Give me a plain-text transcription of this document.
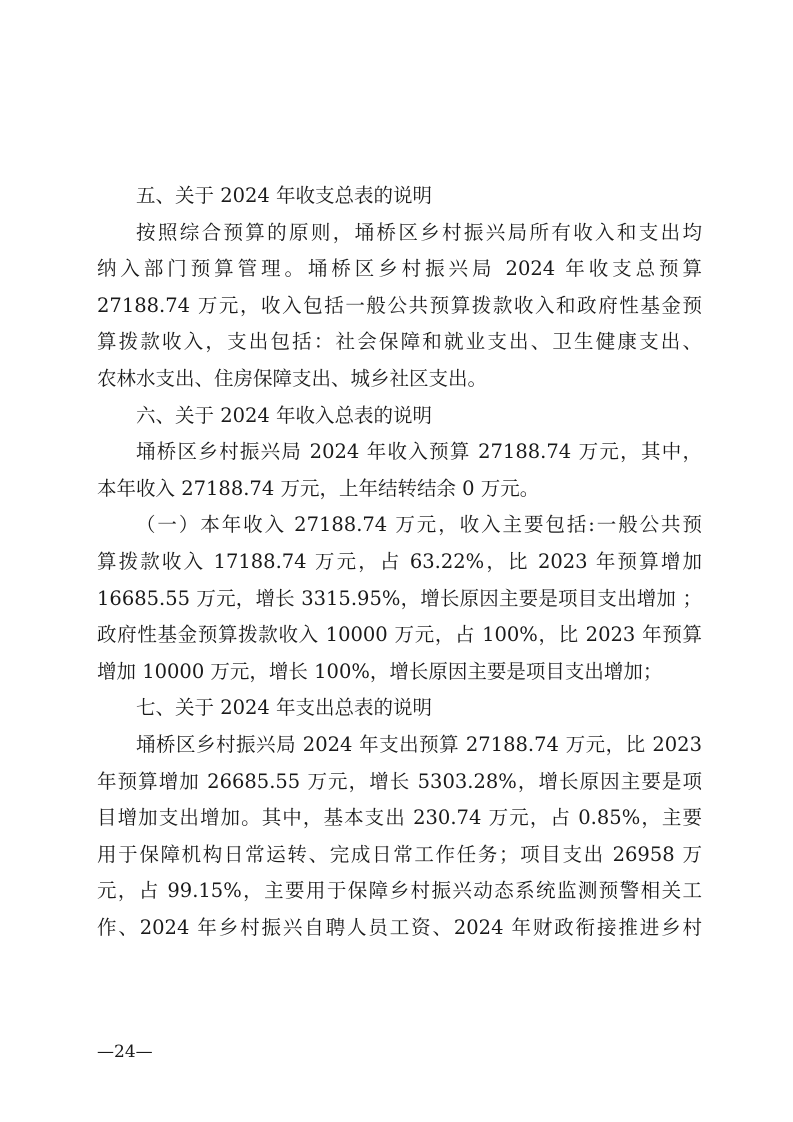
五、关于 2024 年收支总表的说明

按照综合预算的原则，埇桥区乡村振兴局所有收入和支出均
纳入部门预算管理。埇桥区乡村振兴局 2024 年收支总预算
27188.74 万元，收入包括一般公共预算拨款收入和政府性基金预
算拨款收入，支出包括：社会保障和就业支出、卫生健康支出、
农林水支出、住房保障支出、城乡社区支出。

六、关于 2024 年收入总表的说明

埇桥区乡村振兴局 2024 年收入预算 27188.74 万元，其中，
本年收入 27188.74 万元，上年结转结余 0 万元。
（一）本年收入 27188.74 万元，收入主要包括:一般公共预
算拨款收入 17188.74 万元，占 63.22%，比 2023 年预算增加
16685.55 万元，增长 3315.95%，增长原因主要是项目支出增加 ；
政府性基金预算拨款收入 10000 万元，占 100%，比 2023 年预算
增加 10000 万元，增长 100%，增长原因主要是项目支出增加；

七、关于 2024 年支出总表的说明

埇桥区乡村振兴局 2024 年支出预算 27188.74 万元，比 2023
年预算增加 26685.55 万元，增长 5303.28%，增长原因主要是项
目增加支出增加。其中，基本支出 230.74 万元，占 0.85%，主要
用于保障机构日常运转、完成日常工作任务；项目支出 26958 万
元，占 99.15%，主要用于保障乡村振兴动态系统监测预警相关工
作、2024 年乡村振兴自聘人员工资、2024 年财政衔接推进乡村
—24—
